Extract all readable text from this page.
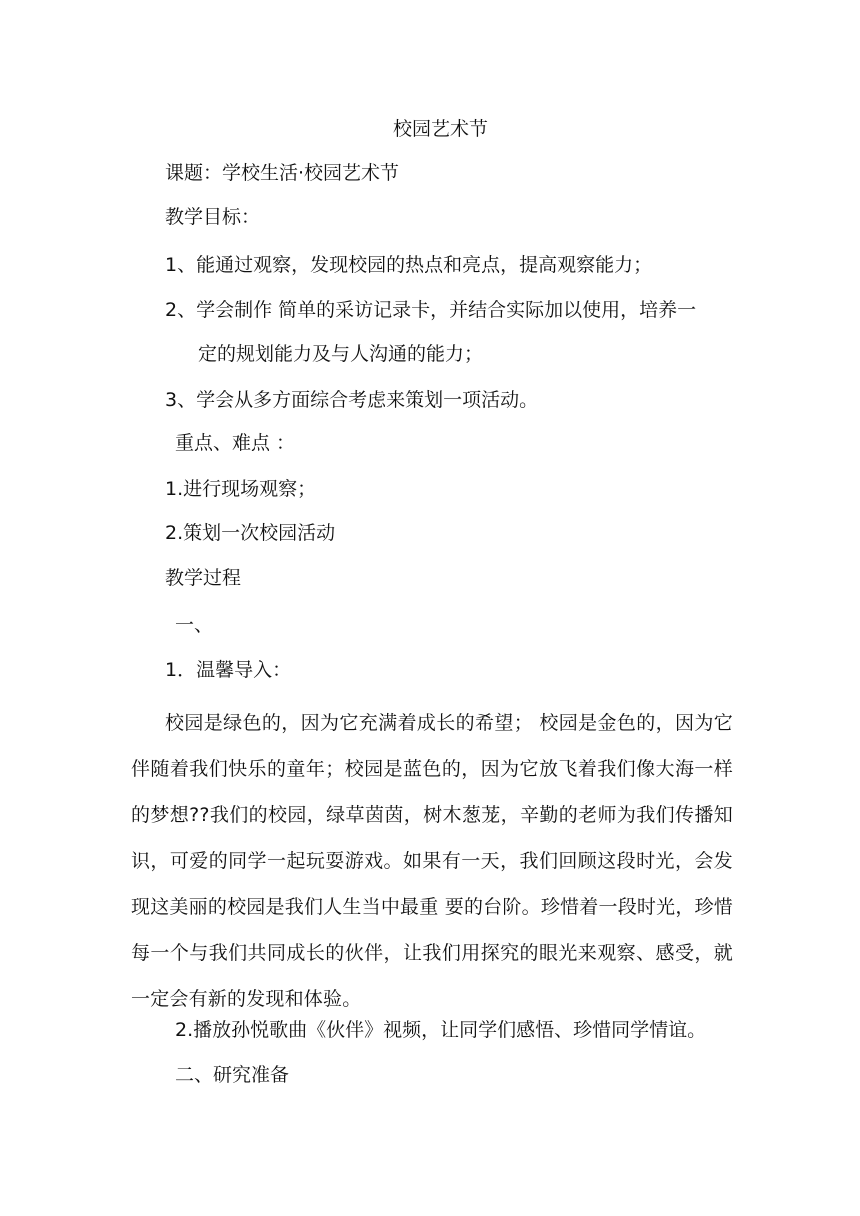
校园艺术节
课题：学校生活·校园艺术节
教学目标：
1、能通过观察，发现校园的热点和亮点，提高观察能力；
2、学会制作 简单的采访记录卡，并结合实际加以使用，培养一
定的规划能力及与人沟通的能力；
3、学会从多方面综合考虑来策划一项活动。
重点、难点 ：
1.进行现场观察；
2.策划一次校园活动
教学过程
一、
1．温馨导入：
校园是绿色的，因为它充满着成长的希望； 校园是金色的，因为它伴随着我们快乐的童年；校园是蓝色的，因为它放飞着我们像大海一样的梦想??我们的校园，绿草茵茵，树木葱茏，辛勤的老师为我们传播知识，可爱的同学一起玩耍游戏。如果有一天，我们回顾这段时光，会发现这美丽的校园是我们人生当中最重 要的台阶。珍惜着一段时光，珍惜每一个与我们共同成长的伙伴，让我们用探究的眼光来观察、感受，就一定会有新的发现和体验。
2.播放孙悦歌曲《伙伴》视频，让同学们感悟、珍惜同学情谊。
二、研究准备
